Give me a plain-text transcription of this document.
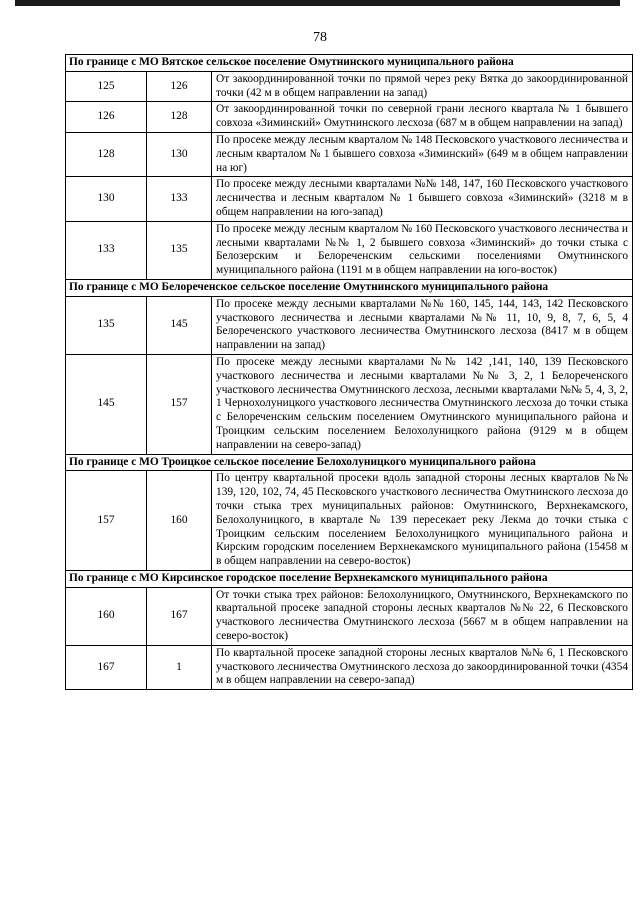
78
По границе с МО Вятское сельское поселение Омутнинского муниципального района		
125	126	От закоординированной точки по прямой через реку Вятка до закоординированной точки (42 м в общем направлении на запад)
126	128	От закоординированной точки по северной грани лесного квартала № 1 бывшего совхоза «Зиминский» Омутнинского лесхоза (687 м в общем направлении на запад)
128	130	По просеке между лесным кварталом № 148 Песковского участкового лесничества и лесным кварталом № 1 бывшего совхоза «Зиминский» (649 м в общем направлении на юг)
130	133	По просеке между лесными кварталами №№ 148, 147, 160 Песковского участкового лесничества и лесным кварталом № 1 бывшего совхоза «Зиминский» (3218 м в общем направлении на юго-запад)
133	135	По просеке между лесным кварталом № 160 Песковского участкового лесничества и лесными кварталами №№ 1, 2 бывшего совхоза «Зиминский» до точки стыка с Белозерским и Белореченским сельскими поселениями Омутнинского муниципального района (1191 м в общем направлении на юго-восток)
По границе с МО Белореченское сельское поселение Омутнинского муниципального района		
135	145	По просеке между лесными кварталами №№ 160, 145, 144, 143, 142 Песковского участкового лесничества и лесными кварталами №№ 11, 10, 9, 8, 7, 6, 5, 4 Белореченского участкового лесничества Омутнинского лесхоза (8417 м в общем направлении на запад)
145	157	По просеке между лесными кварталами №№ 142 ,141, 140, 139 Песковского участкового лесничества и лесными кварталами №№ 3, 2, 1 Белореченского участкового лесничества Омутнинского лесхоза, лесными кварталами №№ 5, 4, 3, 2, 1 Чернохолуницкого участкового лесничества Омутнинского лесхоза до точки стыка с Белореченским сельским поселением Омутнинского муниципального района и Троицким сельским поселением Белохолуницкого района (9129 м в общем направлении на северо-запад)
По границе с МО Троицкое сельское поселение Белохолуницкого муниципального района		
157	160	По центру квартальной просеки вдоль западной стороны лесных кварталов №№ 139, 120, 102, 74, 45 Песковского участкового лесничества Омутнинского лесхоза до точки стыка трех муниципальных районов: Омутнинского, Верхнекамского, Белохолуницкого, в квартале № 139 пересекает реку Лекма до точки стыка с Троицким сельским поселением Белохолуницкого муниципального района и Кирским городским поселением Верхнекамского муниципального района (15458 м в общем направлении на северо-восток)
По границе с МО Кирсинское городское поселение Верхнекамского муниципального района		
160	167	От точки стыка трех районов: Белохолуницкого, Омутнинского, Верхнекамского по квартальной просеке западной стороны лесных кварталов №№ 22, 6 Песковского участкового лесничества Омутнинского лесхоза (5667 м в общем направлении на северо-восток)
167	1	По квартальной просеке западной стороны лесных кварталов №№ 6, 1 Песковского участкового лесничества Омутнинского лесхоза до закоординированной точки (4354 м в общем направлении на северо-запад)
